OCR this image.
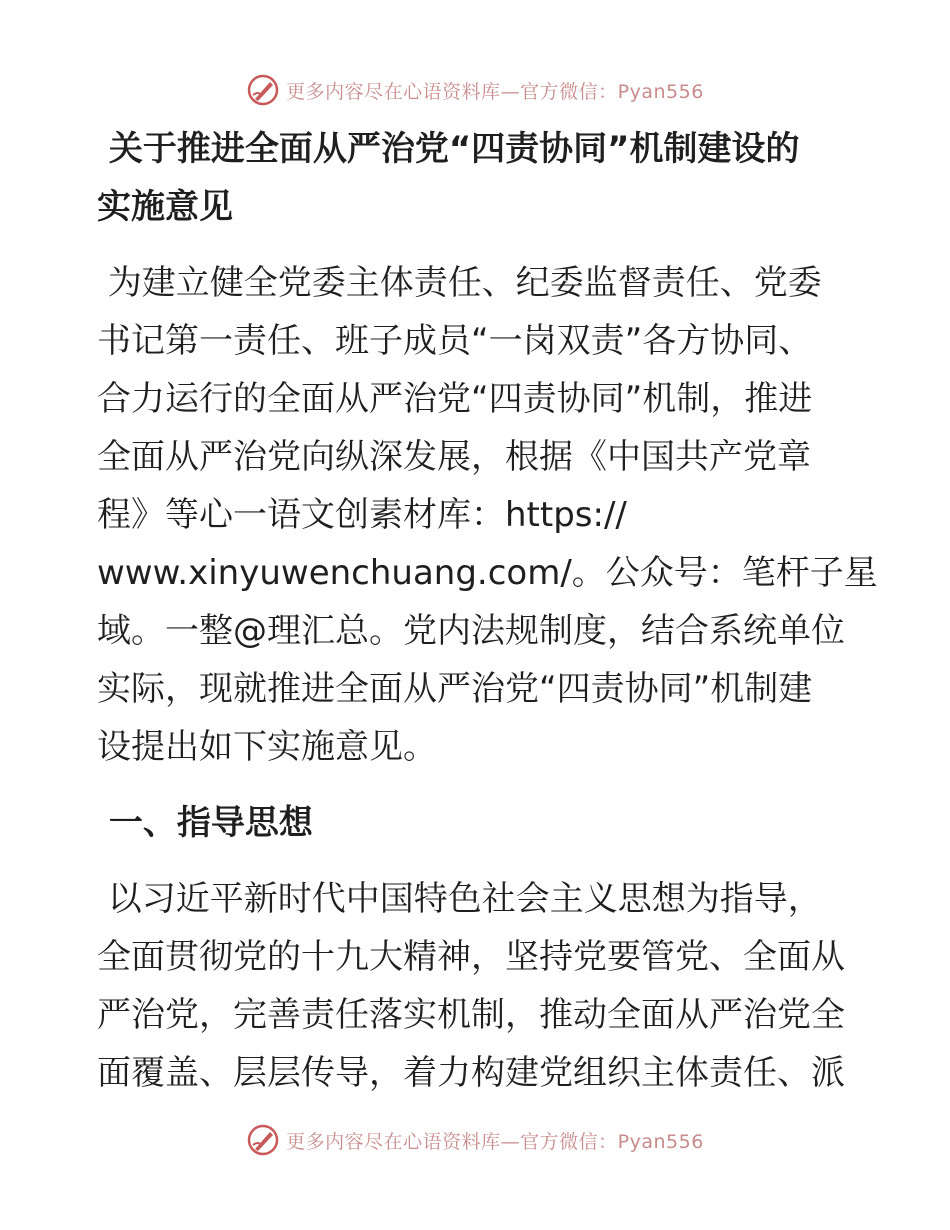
更多内容尽在心语资料库—官方微信：Pyan556
关于推进全面从严治党“四责协同”机制建设的
实施意见

为建立健全党委主体责任、纪委监督责任、党委
书记第一责任、班子成员“一岗双责”各方协同、
合力运行的全面从严治党“四责协同”机制，推进
全面从严治党向纵深发展，根据《中国共产党章
程》等心一语文创素材库：https://
www.xinyuwenchuang.com/。公众号：笔杆子星
域。一整@理汇总。党内法规制度，结合系统单位
实际，现就推进全面从严治党“四责协同”机制建
设提出如下实施意见。

一、指导思想

以习近平新时代中国特色社会主义思想为指导，
全面贯彻党的十九大精神，坚持党要管党、全面从
严治党，完善责任落实机制，推动全面从严治党全
面覆盖、层层传导，着力构建党组织主体责任、派

更多内容尽在心语资料库—官方微信：Pyan556
